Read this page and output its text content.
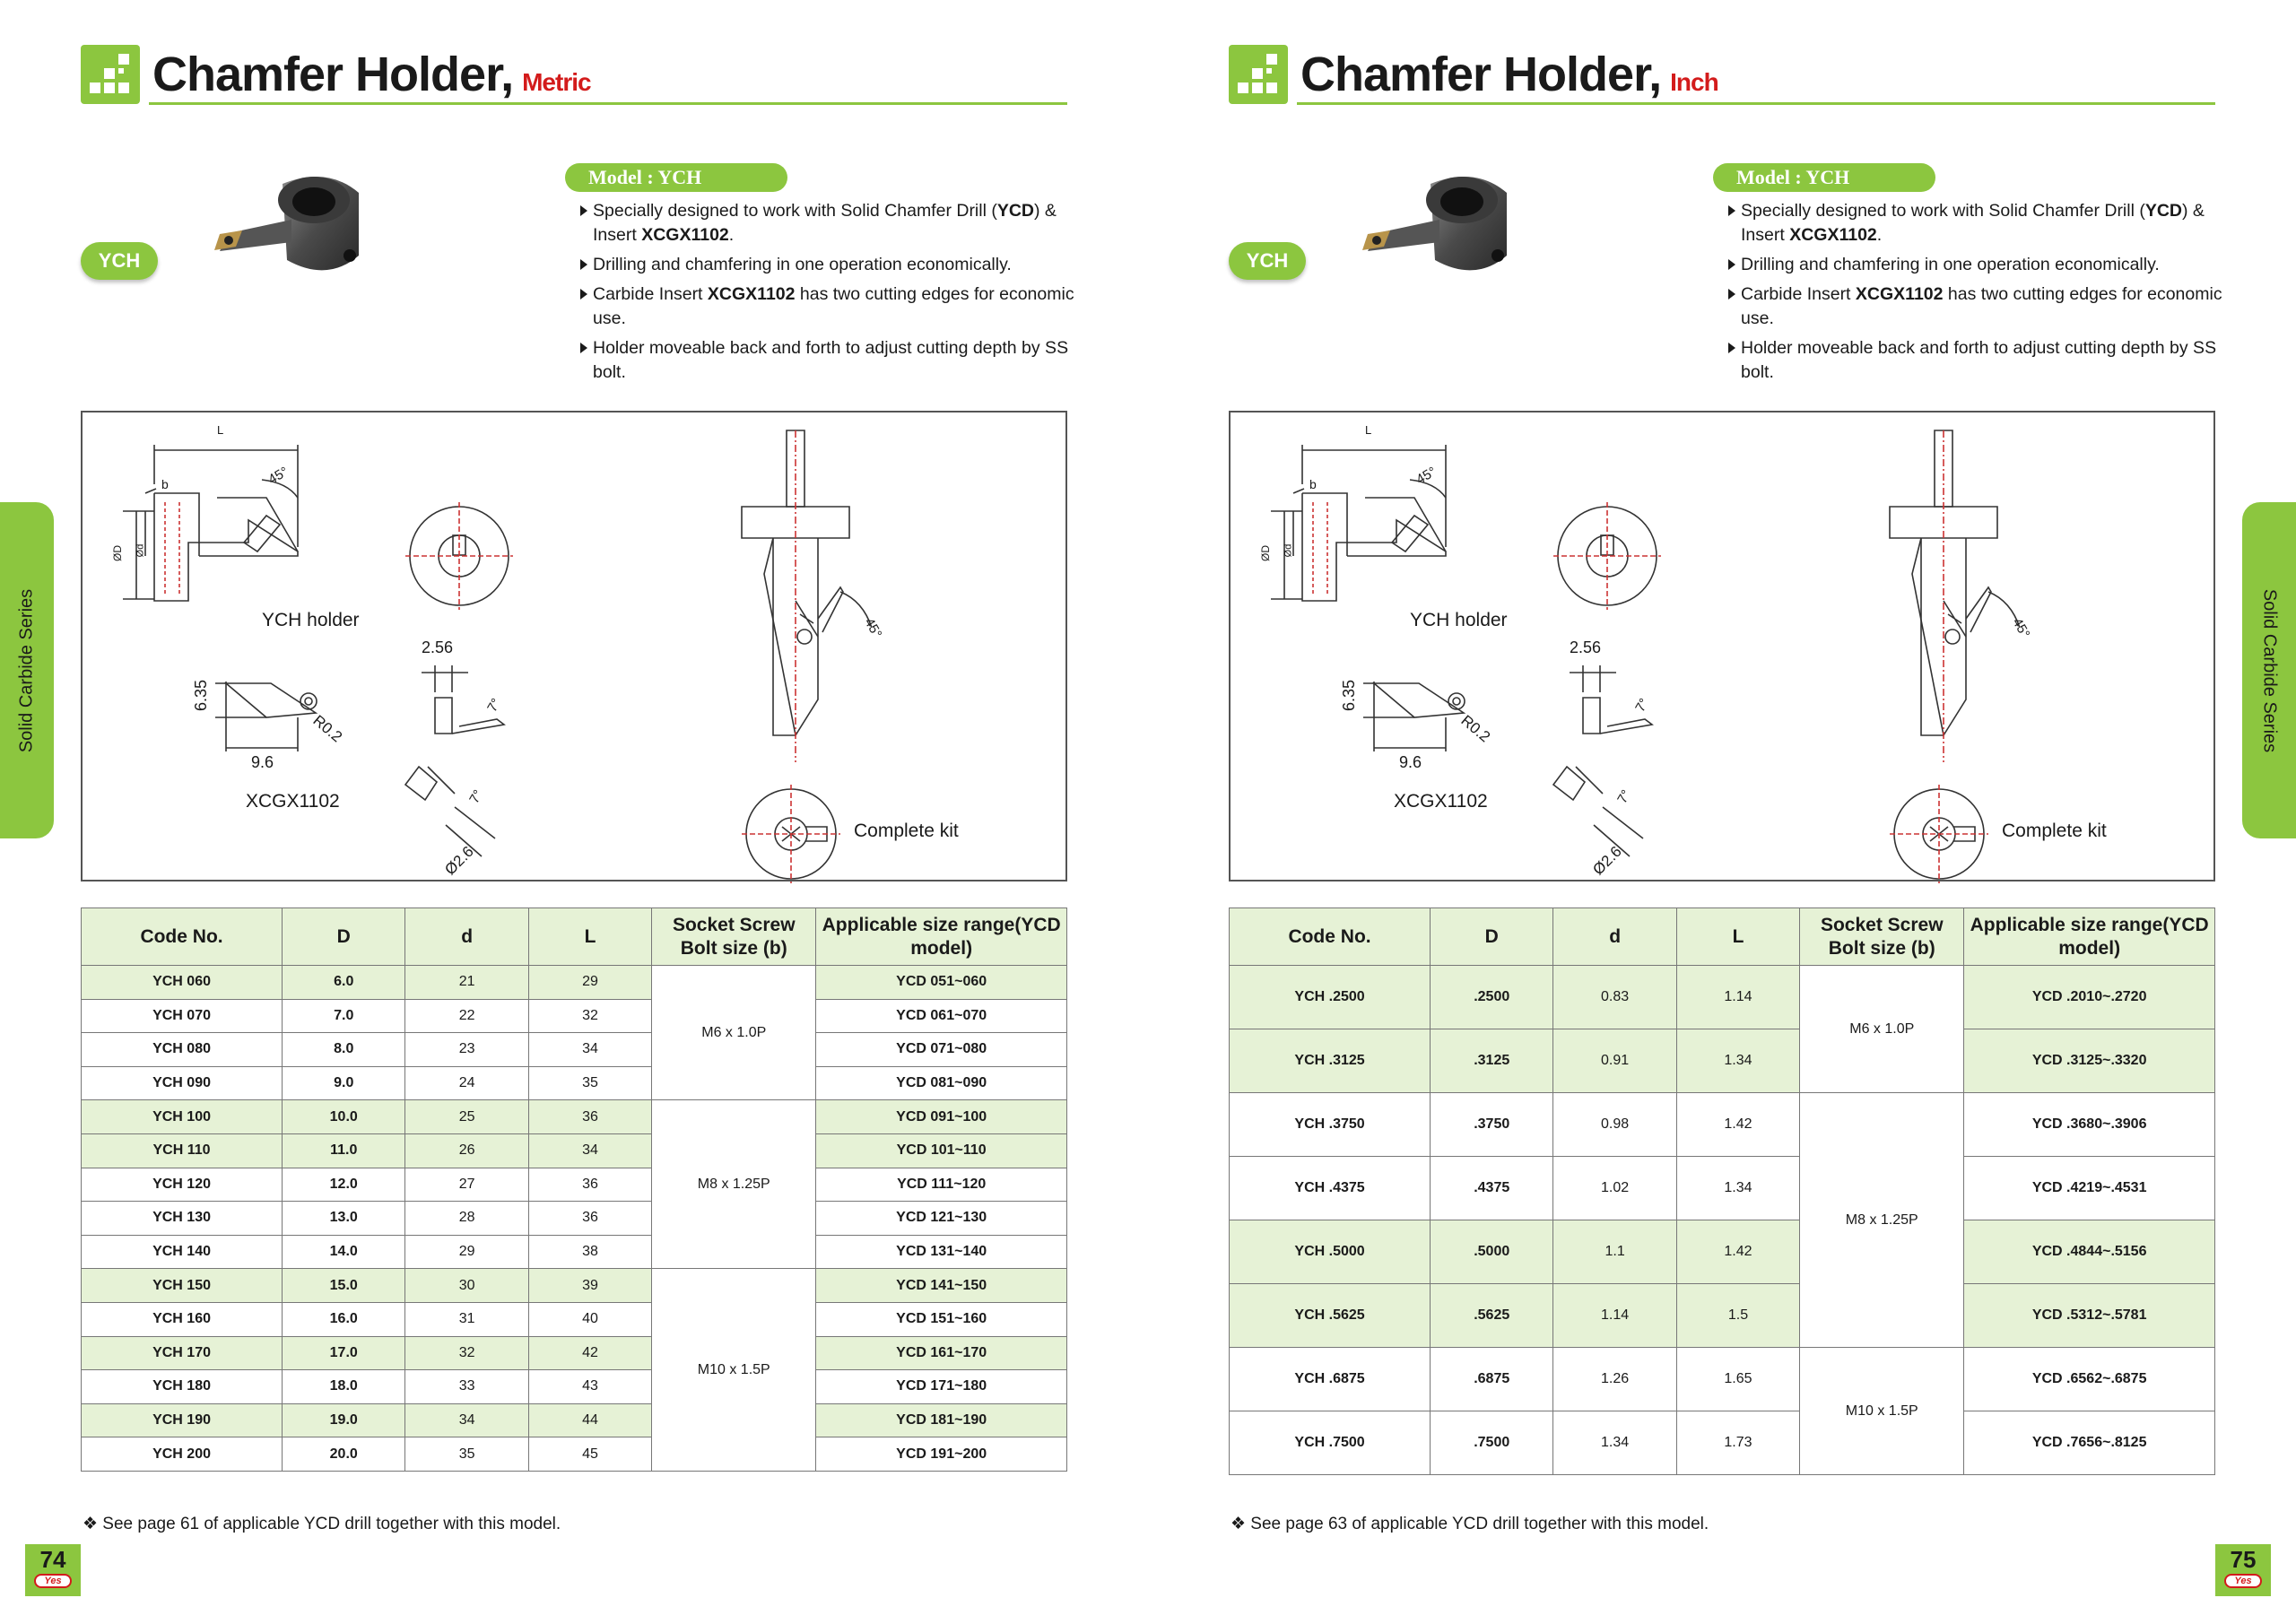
Chamfer Holder, Metric
YCH
Model : YCH
Specially designed to work with Solid Chamfer Drill (YCD) & Insert XCGX1102.
Drilling and chamfering in one operation economically.
Carbide Insert XCGX1102 has two cutting edges for economic use.
Holder moveable back and forth to adjust cutting depth by SS bolt.
YCH holder
XCGX1102
Complete kit
L
b
ØD Ød
45°
45°
2.56
6.35
9.6
R0.2
7°
7°
Ø2.6
Code No.	D	d	L	Socket Screw Bolt size (b)	Applicable size range(YCD model)
YCH 060	6.0	21	29	M6 x 1.0P	YCD 051~060
YCH 070	7.0	22	32		YCD 061~070
YCH 080	8.0	23	34		YCD 071~080
YCH 090	9.0	24	35		YCD 081~090
YCH 100	10.0	25	36	M8 x 1.25P	YCD 091~100
YCH 110	11.0	26	34		YCD 101~110
YCH 120	12.0	27	36		YCD 111~120
YCH 130	13.0	28	36		YCD 121~130
YCH 140	14.0	29	38		YCD 131~140
YCH 150	15.0	30	39	M10 x 1.5P	YCD 141~150
YCH 160	16.0	31	40		YCD 151~160
YCH 170	17.0	32	42		YCD 161~170
YCH 180	18.0	33	43		YCD 171~180
YCH 190	19.0	34	44		YCD 181~190
YCH 200	20.0	35	45		YCD 191~200
❖ See page 61 of applicable YCD drill together with this model.
74
Yes
Solid Carbide Series
Chamfer Holder, Inch
YCH
Model : YCH
Specially designed to work with Solid Chamfer Drill (YCD) & Insert XCGX1102.
Drilling and chamfering in one operation economically.
Carbide Insert XCGX1102 has two cutting edges for economic use.
Holder moveable back and forth to adjust cutting depth by SS bolt.
YCH holder
XCGX1102
Complete kit
L
b
ØD Ød
45°
45°
2.56
6.35
9.6
R0.2
7°
7°
Ø2.6
Code No.	D	d	L	Socket Screw Bolt size (b)	Applicable size range(YCD model)
YCH .2500	.2500	0.83	1.14	M6 x 1.0P	YCD .2010~.2720
YCH .3125	.3125	0.91	1.34		YCD .3125~.3320
YCH .3750	.3750	0.98	1.42	M8 x 1.25P	YCD .3680~.3906
YCH .4375	.4375	1.02	1.34		YCD .4219~.4531
YCH .5000	.5000	1.1	1.42		YCD .4844~.5156
YCH .5625	.5625	1.14	1.5		YCD .5312~.5781
YCH .6875	.6875	1.26	1.65	M10 x 1.5P	YCD .6562~.6875
YCH .7500	.7500	1.34	1.73		YCD .7656~.8125
❖ See page 63 of applicable YCD drill together with this model.
75
Yes
Solid Carbide Series
